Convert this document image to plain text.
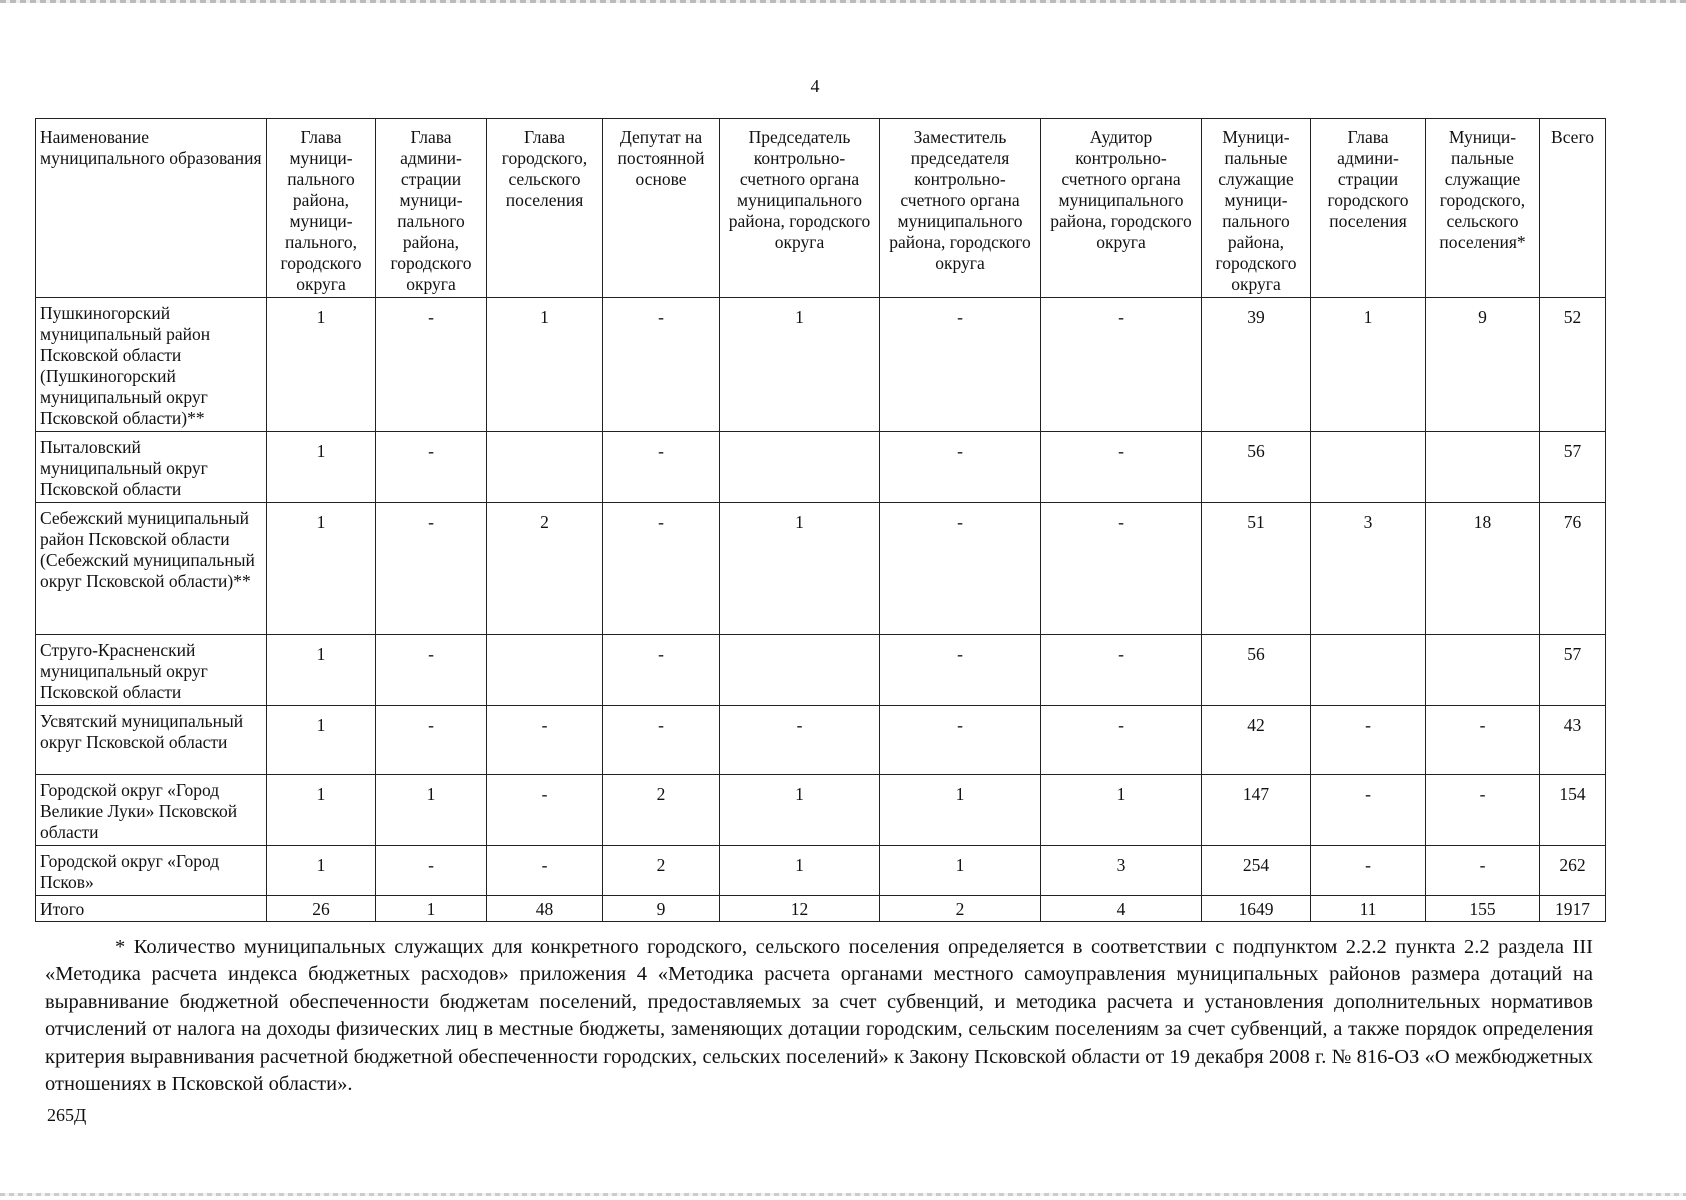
4
Наименование муниципального образования	Глава муници-пального района, муници-пального, городского округа	Глава админи-страции муници-пального района, городского округа	Глава городского, сельского поселения	Депутат на постоянной основе	Председатель контрольно-счетного органа муниципального района, городского округа	Заместитель председателя контрольно-счетного органа муниципального района, городского округа	Аудитор контрольно-счетного органа муниципального района, городского округа	Муници-пальные служащие муници-пального района, городского округа	Глава админи-страции городского поселения	Муници-пальные служащие городского, сельского поселения*	Всего
Пушкиногорский муниципальный район Псковской области (Пушкиногорский муниципальный округ Псковской области)**	1	-	1	-	1	-	-	39	1	9	52
Пыталовский муниципальный округ Псковской области	1	-		-		-	-	56			57
Себежский муниципальный район Псковской области (Себежский муниципальный округ Псковской области)**	1	-	2	-	1	-	-	51	3	18	76
Струго-Красненский муниципальный округ Псковской области	1	-		-		-	-	56			57
Усвятский муниципальный округ Псковской области	1	-	-	-	-	-	-	42	-	-	43
Городской округ «Город Великие Луки» Псковской области	1	1	-	2	1	1	1	147	-	-	154
Городской округ «Город Псков»	1	-	-	2	1	1	3	254	-	-	262
Итого	26	1	48	9	12	2	4	1649	11	155	1917

* Количество муниципальных служащих для конкретного городского, сельского поселения определяется в соответствии с подпунктом 2.2.2 пункта 2.2 раздела III «Методика расчета индекса бюджетных расходов» приложения 4 «Методика расчета органами местного самоуправления муниципальных районов размера дотаций на выравнивание бюджетной обеспеченности бюджетам поселений, предоставляемых за счет субвенций, и методика расчета и установления дополнительных нормативов отчислений от налога на доходы физических лиц в местные бюджеты, заменяющих дотации городским, сельским поселениям за счет субвенций, а также порядок определения критерия выравнивания расчетной бюджетной обеспеченности городских, сельских поселений» к Закону Псковской области от 19 декабря 2008 г. № 816-ОЗ «О межбюджетных отношениях в Псковской области».

265Д
